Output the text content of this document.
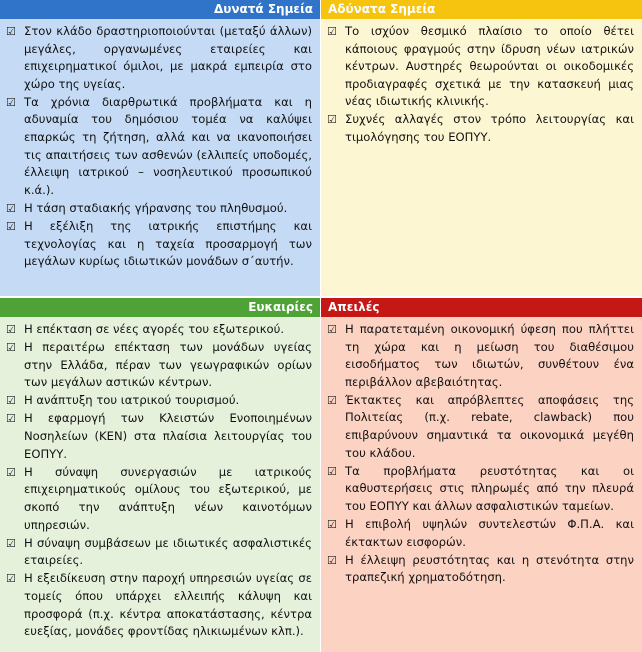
Δυνατά Σημεία
☑ Στον κλάδο δραστηριοποιούνται (μεταξύ άλλων) μεγάλες, οργανωμένες εταιρείες και επιχειρηματικοί όμιλοι, με μακρά εμπειρία στο χώρο της υγείας.
☑ Τα χρόνια διαρθρωτικά προβλήματα και η αδυναμία του δημόσιου τομέα να καλύψει επαρκώς τη ζήτηση, αλλά και να ικανοποιήσει τις απαιτήσεις των ασθενών (ελλιπείς υποδομές, έλλειψη ιατρικού – νοσηλευτικού προσωπικού κ.ά.).
☑ Η τάση σταδιακής γήρανσης του πληθυσμού.
☑ Η εξέλιξη της ιατρικής επιστήμης και τεχνολογίας και η ταχεία προσαρμογή των μεγάλων κυρίως ιδιωτικών μονάδων σ΄αυτήν.
Αδύνατα Σημεία
☑ Το ισχύον θεσμικό πλαίσιο το οποίο θέτει κάποιους φραγμούς στην ίδρυση νέων ιατρικών κέντρων. Αυστηρές θεωρούνται οι οικοδομικές προδιαγραφές σχετικά με την κατασκευή μιας νέας ιδιωτικής κλινικής.
☑ Συχνές αλλαγές στον τρόπο λειτουργίας και τιμολόγησης του ΕΟΠΥΥ.
Ευκαιρίες
☑ Η επέκταση σε νέες αγορές του εξωτερικού.
☑ Η περαιτέρω επέκταση των μονάδων υγείας στην Ελλάδα, πέραν των γεωγραφικών ορίων των μεγάλων αστικών κέντρων.
☑ Η ανάπτυξη του ιατρικού τουρισμού.
☑ Η εφαρμογή των Κλειστών Ενοποιημένων Νοσηλείων (ΚΕΝ) στα πλαίσια λειτουργίας του ΕΟΠΥΥ.
☑ Η σύναψη συνεργασιών με ιατρικούς επιχειρηματικούς ομίλους του εξωτερικού, με σκοπό την ανάπτυξη νέων καινοτόμων υπηρεσιών.
☑ Η σύναψη συμβάσεων με ιδιωτικές ασφαλιστικές εταιρείες.
☑ Η εξειδίκευση στην παροχή υπηρεσιών υγείας σε τομείς όπου υπάρχει ελλειπής κάλυψη και προσφορά (π.χ. κέντρα αποκατάστασης, κέντρα ευεξίας, μονάδες φροντίδας ηλικιωμένων κλπ.).
Απειλές
☑ Η παρατεταμένη οικονομική ύφεση που πλήττει τη χώρα και η μείωση του διαθέσιμου εισοδήματος των ιδιωτών, συνθέτουν ένα περιβάλλον αβεβαιότητας.
☑ Έκτακτες και απρόβλεπτες αποφάσεις της Πολιτείας (π.χ. rebate, clawback) που επιβαρύνουν σημαντικά τα οικονομικά μεγέθη του κλάδου.
☑ Τα προβλήματα ρευστότητας και οι καθυστερήσεις στις πληρωμές από την πλευρά του ΕΟΠΥΥ και άλλων ασφαλιστικών ταμείων.
☑ Η επιβολή υψηλών συντελεστών Φ.Π.Α. και έκτακτων εισφορών.
☑ Η έλλειψη ρευστότητας και η στενότητα στην τραπεζική χρηματοδότηση.
